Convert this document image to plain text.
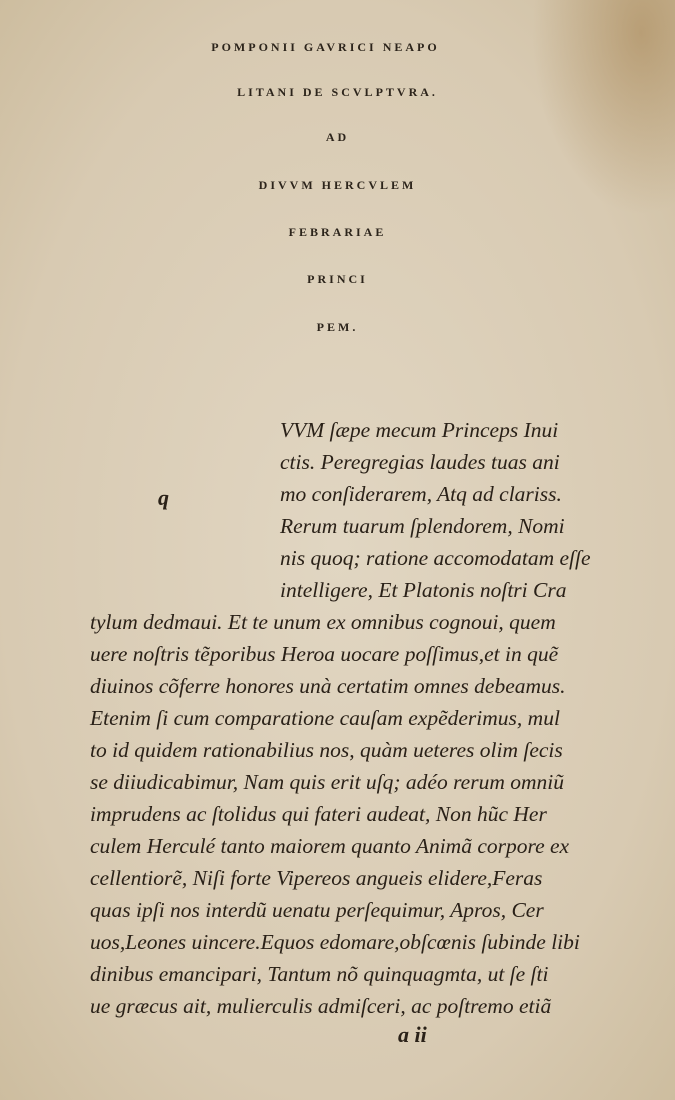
POMPONII GAVRICI NEAPO
LITANI DE SCVLPTVRA.
AD
DIVVM HERCVLEM
FEBRARIAE
PRINCI
PEM.
q
VVM ſæpe mecum Princeps Inui
ctis. Peregregias laudes tuas ani
mo conſiderarem, Atq ad clariss.
Rerum tuarum ſplendorem, Nomi
nis quoq; ratione accomodatam eſſe
intelligere, Et Platonis noſtri Cra
tylum dedmaui. Et te unum ex omnibus cognoui, quem
uere noſtris tẽporibus Heroa uocare poſſimus,et in quẽ
diuinos cõferre honores unà certatim omnes debeamus.
Etenim ſi cum comparatione cauſam expẽderimus, mul
to id quidem rationabilius nos, quàm ueteres olim ſecis
se diiudicabimur, Nam quis erit uſq; adéo rerum omniũ
imprudens ac ſtolidus qui fateri audeat, Non hũc Her
culem Herculé tanto maiorem quanto Animã corpore ex
cellentiorẽ, Niſi forte Vipereos angueis elidere,Feras
quas ipſi nos interdũ uenatu perſequimur, Apros, Cer
uos,Leones uincere.Equos edomare,obſcœnis ſubinde libi
dinibus emancipari, Tantum nõ quinquagmta, ut ſe ſti
ue græcus ait, mulierculis admiſceri, ac poſtremo etiã
a ii
